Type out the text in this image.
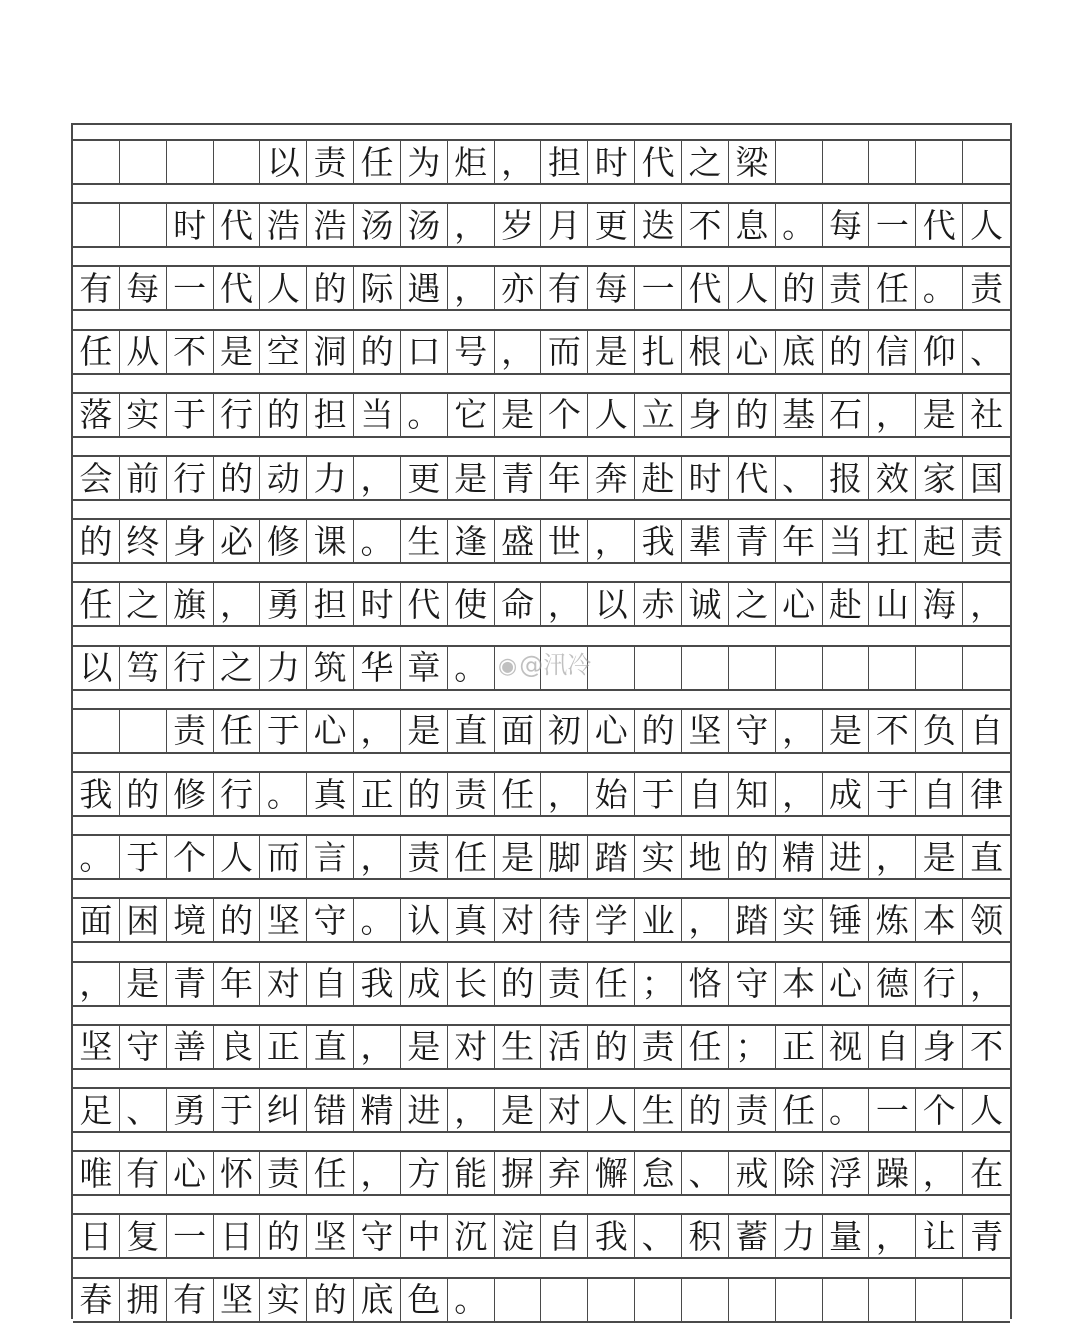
以 责 任 为 炬 ， 担 时 代 之 梁
时 代 浩 浩 汤 汤 ， 岁 月 更 迭 不 息 。 每 一 代 人
有 每 一 代 人 的 际 遇 ， 亦 有 每 一 代 人 的 责 任 。 责
任 从 不 是 空 洞 的 口 号 ， 而 是 扎 根 心 底 的 信 仰 、
落 实 于 行 的 担 当 。 它 是 个 人 立 身 的 基 石 ， 是 社
会 前 行 的 动 力 ， 更 是 青 年 奔 赴 时 代 、 报 效 家 国
的 终 身 必 修 课 。 生 逢 盛 世 ， 我 辈 青 年 当 扛 起 责
任 之 旗 ， 勇 担 时 代 使 命 ， 以 赤 诚 之 心 赴 山 海 ，
以 笃 行 之 力 筑 华 章 。
责 任 于 心 ， 是 直 面 初 心 的 坚 守 ， 是 不 负 自
我 的 修 行 。 真 正 的 责 任 ， 始 于 自 知 ， 成 于 自 律
。 于 个 人 而 言 ， 责 任 是 脚 踏 实 地 的 精 进 ， 是 直
面 困 境 的 坚 守 。 认 真 对 待 学 业 ， 踏 实 锤 炼 本 领
， 是 青 年 对 自 我 成 长 的 责 任 ； 恪 守 本 心 德 行 ，
坚 守 善 良 正 直 ， 是 对 生 活 的 责 任 ； 正 视 自 身 不
足 、 勇 于 纠 错 精 进 ， 是 对 人 生 的 责 任 。 一 个 人
唯 有 心 怀 责 任 ， 方 能 摒 弃 懈 怠 、 戒 除 浮 躁 ， 在
日 复 一 日 的 坚 守 中 沉 淀 自 我 、 积 蓄 力 量 ， 让 青
春 拥 有 坚 实 的 底 色 。
◉@汛冷
